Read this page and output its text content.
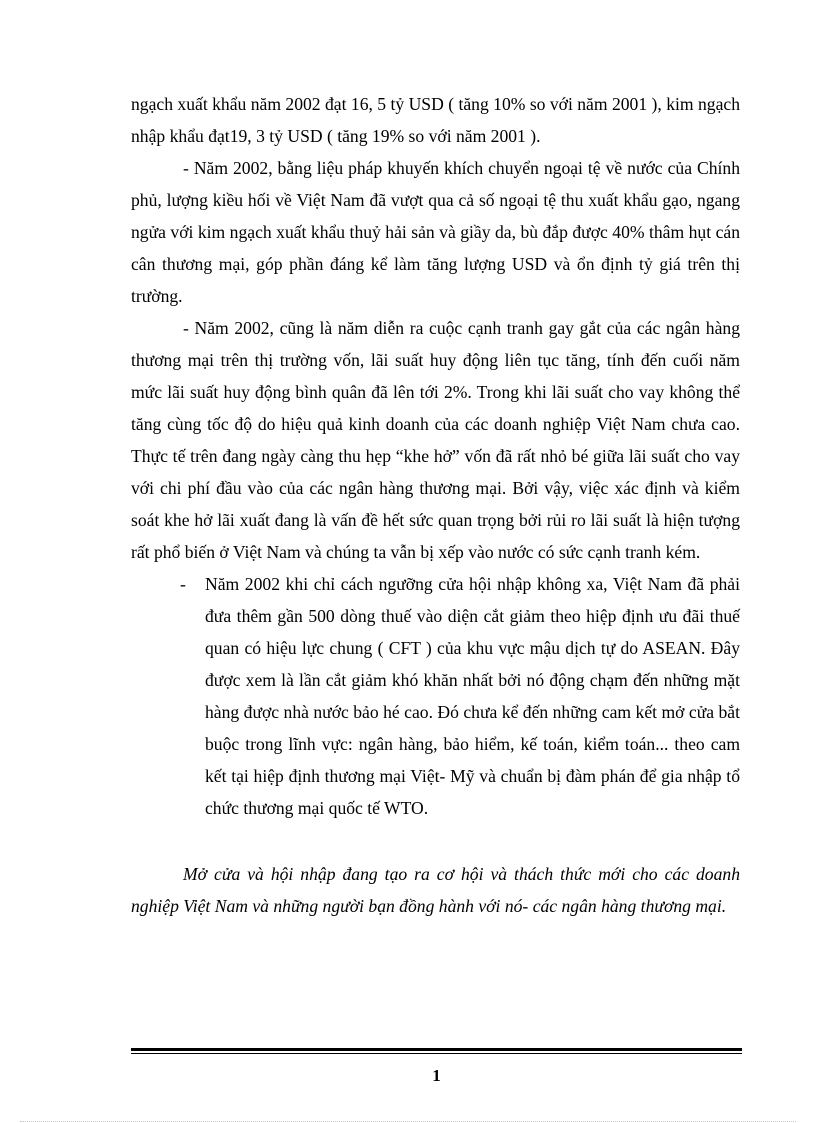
ngạch xuất khẩu năm 2002 đạt 16, 5 tỷ USD ( tăng 10% so với năm 2001 ), kim ngạch nhập khẩu đạt19, 3 tỷ USD ( tăng 19% so với năm 2001 ).

- Năm 2002, bằng liệu pháp khuyến khích chuyển ngoại tệ về nước của Chính phủ, lượng kiều hối về Việt Nam đã vượt qua cả số ngoại tệ thu xuất khẩu gạo, ngang ngửa với kim ngạch xuất khẩu thuỷ hải sản và giầy da, bù đắp được 40% thâm hụt cán cân thương mại, góp phần đáng kể làm tăng lượng USD và ổn định tỷ giá trên thị trường.

- Năm 2002, cũng là năm diễn ra cuộc cạnh tranh gay gắt của các ngân hàng thương mại trên thị trường vốn, lãi suất huy động liên tục tăng, tính đến cuối năm mức lãi suất huy động bình quân đã lên tới 2%. Trong khi lãi suất cho vay không thể tăng cùng tốc độ do hiệu quả kinh doanh của các doanh nghiệp Việt Nam chưa cao. Thực tế trên đang ngày càng thu hẹp “khe hở” vốn đã rất nhỏ bé giữa lãi suất cho vay với chi phí đầu vào của các ngân hàng thương mại. Bởi vậy, việc xác định và kiểm soát khe hở lãi xuất đang là vấn đề hết sức quan trọng bởi rủi ro lãi suất là hiện tượng rất phổ biến ở Việt Nam và chúng ta vẫn bị xếp vào nước có sức cạnh tranh kém.

- Năm 2002 khi chỉ cách ngưỡng cửa hội nhập không xa, Việt Nam đã phải đưa thêm gần 500 dòng thuế vào diện cắt giảm theo hiệp định ưu đãi thuế quan có hiệu lực chung ( CFT ) của khu vực mậu dịch tự do ASEAN. Đây được xem là lần cắt giảm khó khăn nhất bởi nó động chạm đến những mặt hàng được nhà nước bảo hé cao. Đó chưa kể đến những cam kết mở cửa bắt buộc trong lĩnh vực: ngân hàng, bảo hiểm, kế toán, kiểm toán... theo cam kết tại hiệp định thương mại Việt- Mỹ và chuẩn bị đàm phán để gia nhập tổ chức thương mại quốc tế WTO.

Mở cửa và hội nhập đang tạo ra cơ hội và thách thức mới cho các doanh nghiệp Việt Nam và những người bạn đồng hành với nó- các ngân hàng thương mại.

1
